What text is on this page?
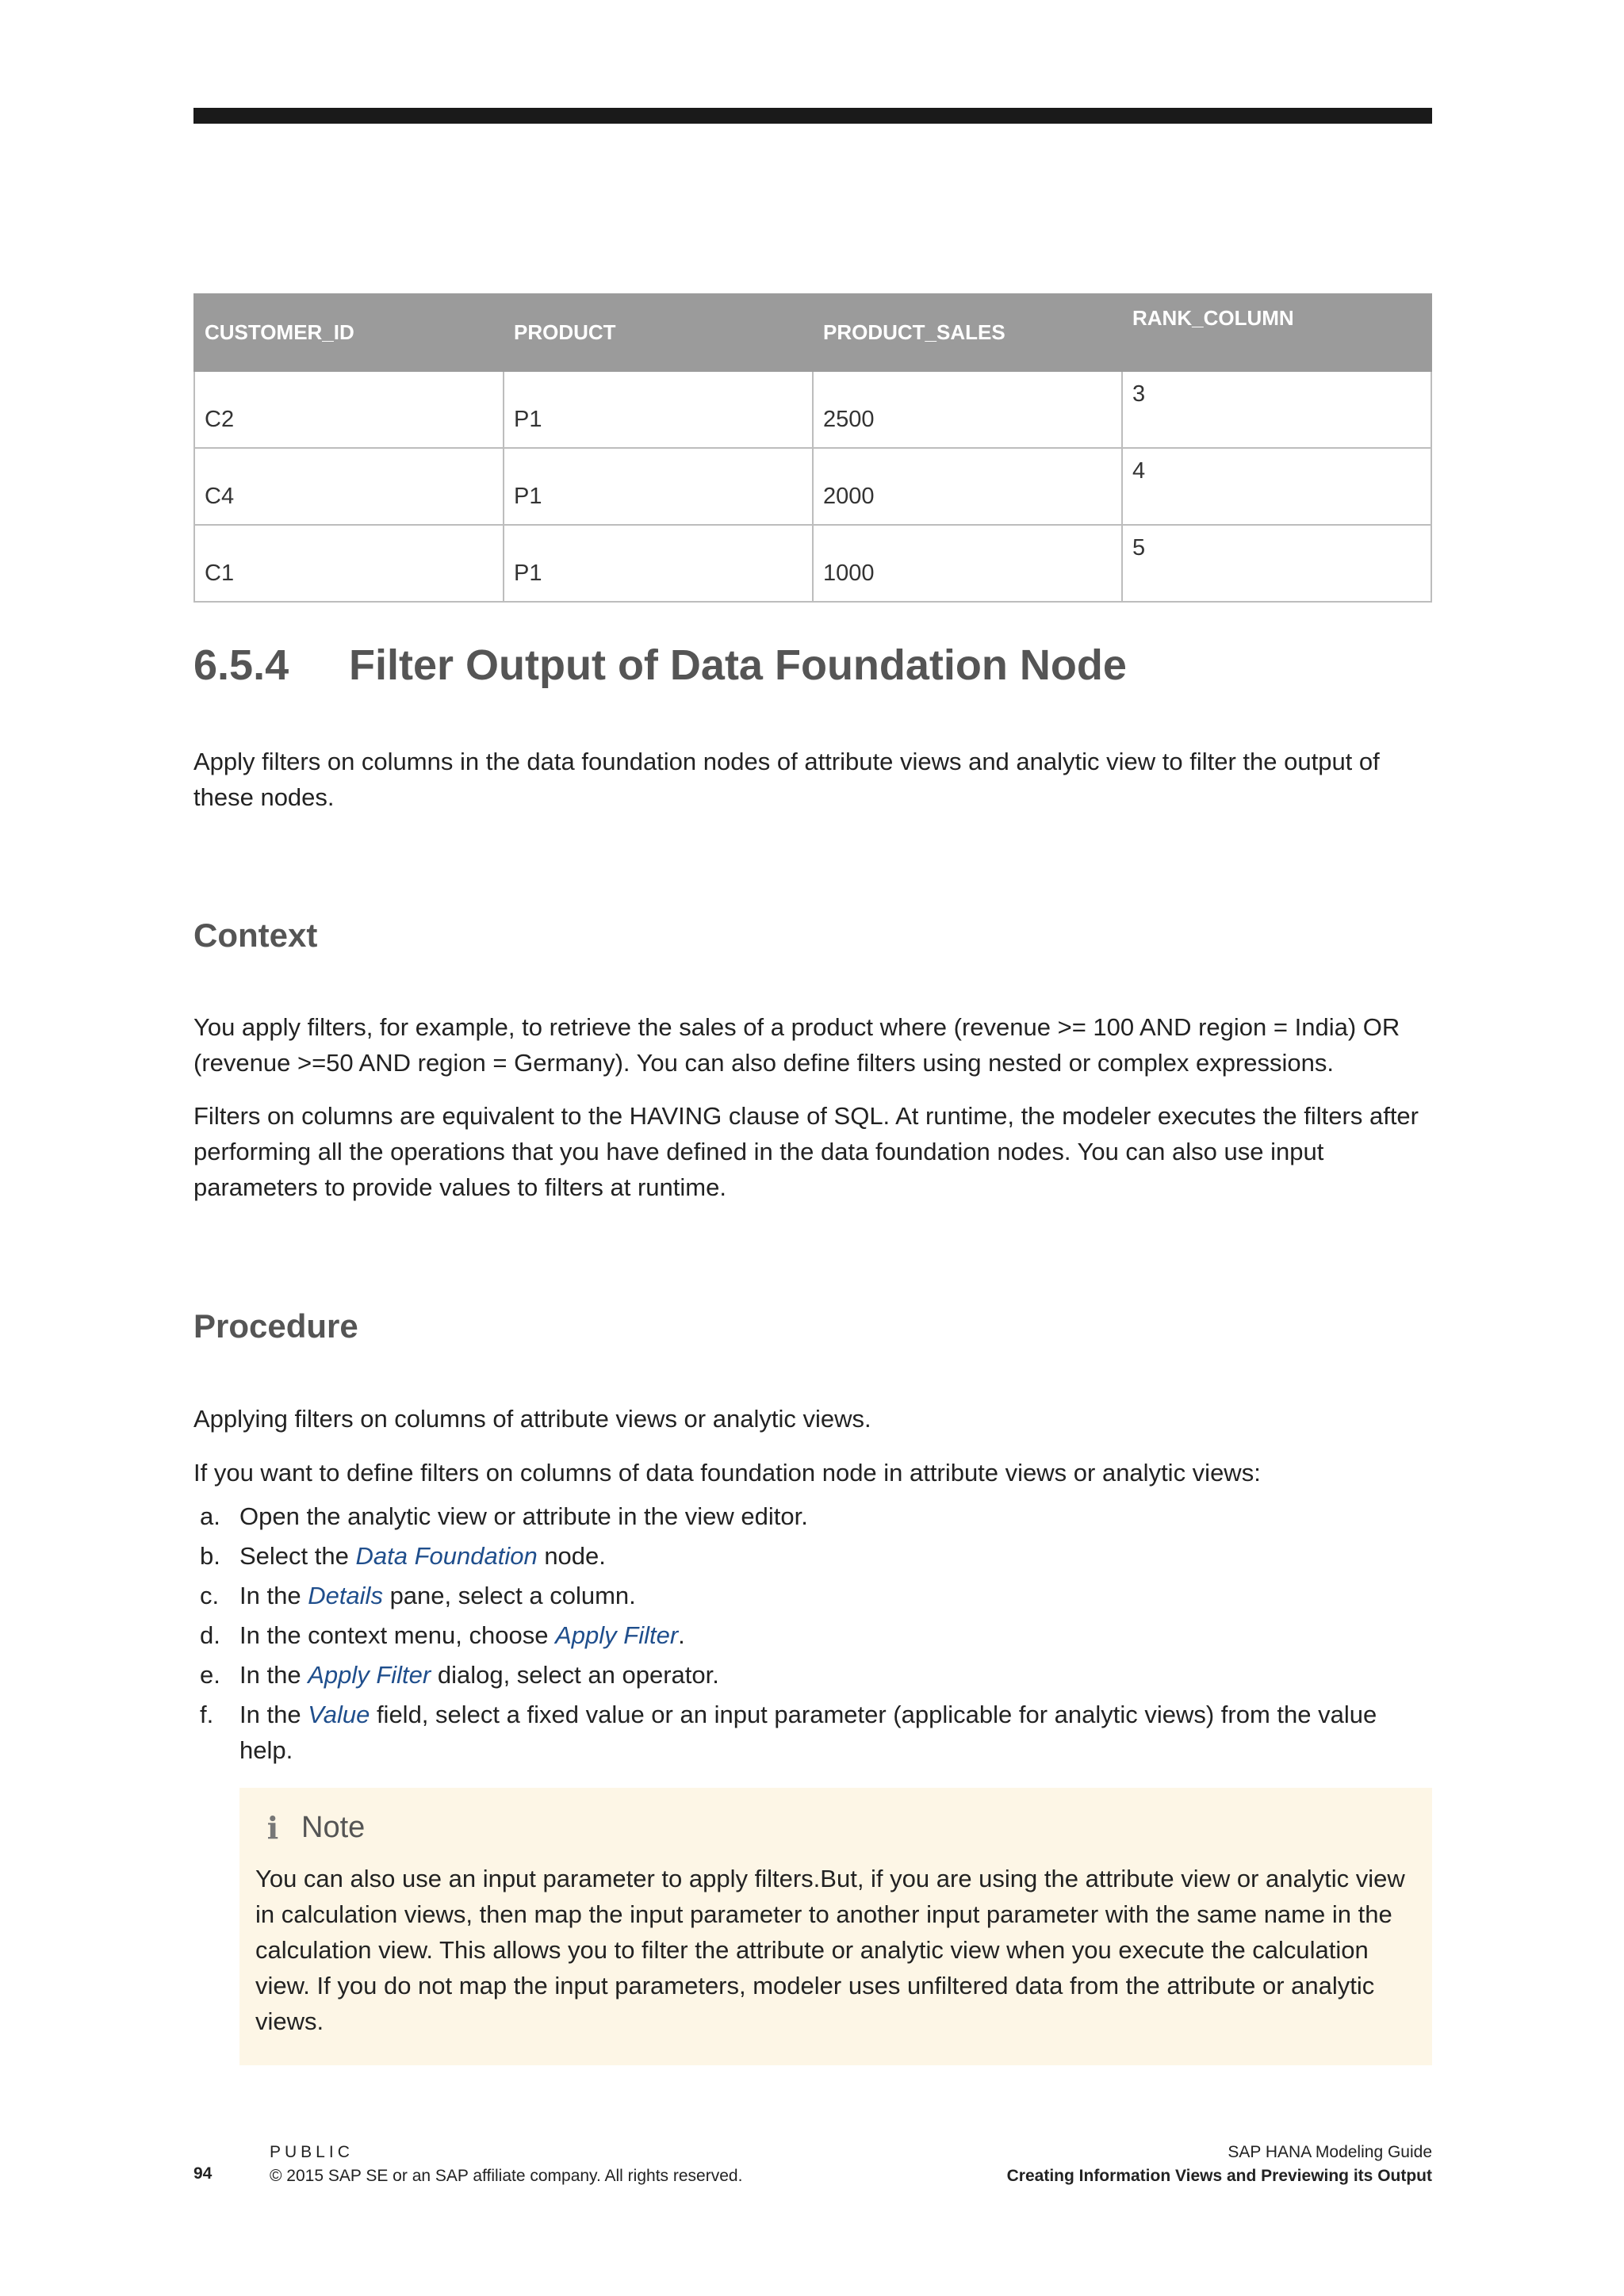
CUSTOMER_ID	PRODUCT	PRODUCT_SALES	RANK_COLUMN
C2	P1	2500	3
C4	P1	2000	4
C1	P1	1000	5
6.5.4 Filter Output of Data Foundation Node

Apply filters on columns in the data foundation nodes of attribute views and analytic view to filter the output of these nodes.

Context

You apply filters, for example, to retrieve the sales of a product where (revenue >= 100 AND region = India) OR (revenue >=50 AND region = Germany). You can also define filters using nested or complex expressions.

Filters on columns are equivalent to the HAVING clause of SQL. At runtime, the modeler executes the filters after performing all the operations that you have defined in the data foundation nodes. You can also use input parameters to provide values to filters at runtime.

Procedure

Applying filters on columns of attribute views or analytic views.

If you want to define filters on columns of data foundation node in attribute views or analytic views:

a. Open the analytic view or attribute in the view editor.
b. Select the Data Foundation node.
c. In the Details pane, select a column.
d. In the context menu, choose Apply Filter.
e. In the Apply Filter dialog, select an operator.
f. In the Value field, select a fixed value or an input parameter (applicable for analytic views) from the value help.
i Note
You can also use an input parameter to apply filters.But, if you are using the attribute view or analytic view in calculation views, then map the input parameter to another input parameter with the same name in the calculation view. This allows you to filter the attribute or analytic view when you execute the calculation view. If you do not map the input parameters, modeler uses unfiltered data from the attribute or analytic views.
94
PUBLIC
© 2015 SAP SE or an SAP affiliate company. All rights reserved.
SAP HANA Modeling Guide
Creating Information Views and Previewing its Output
